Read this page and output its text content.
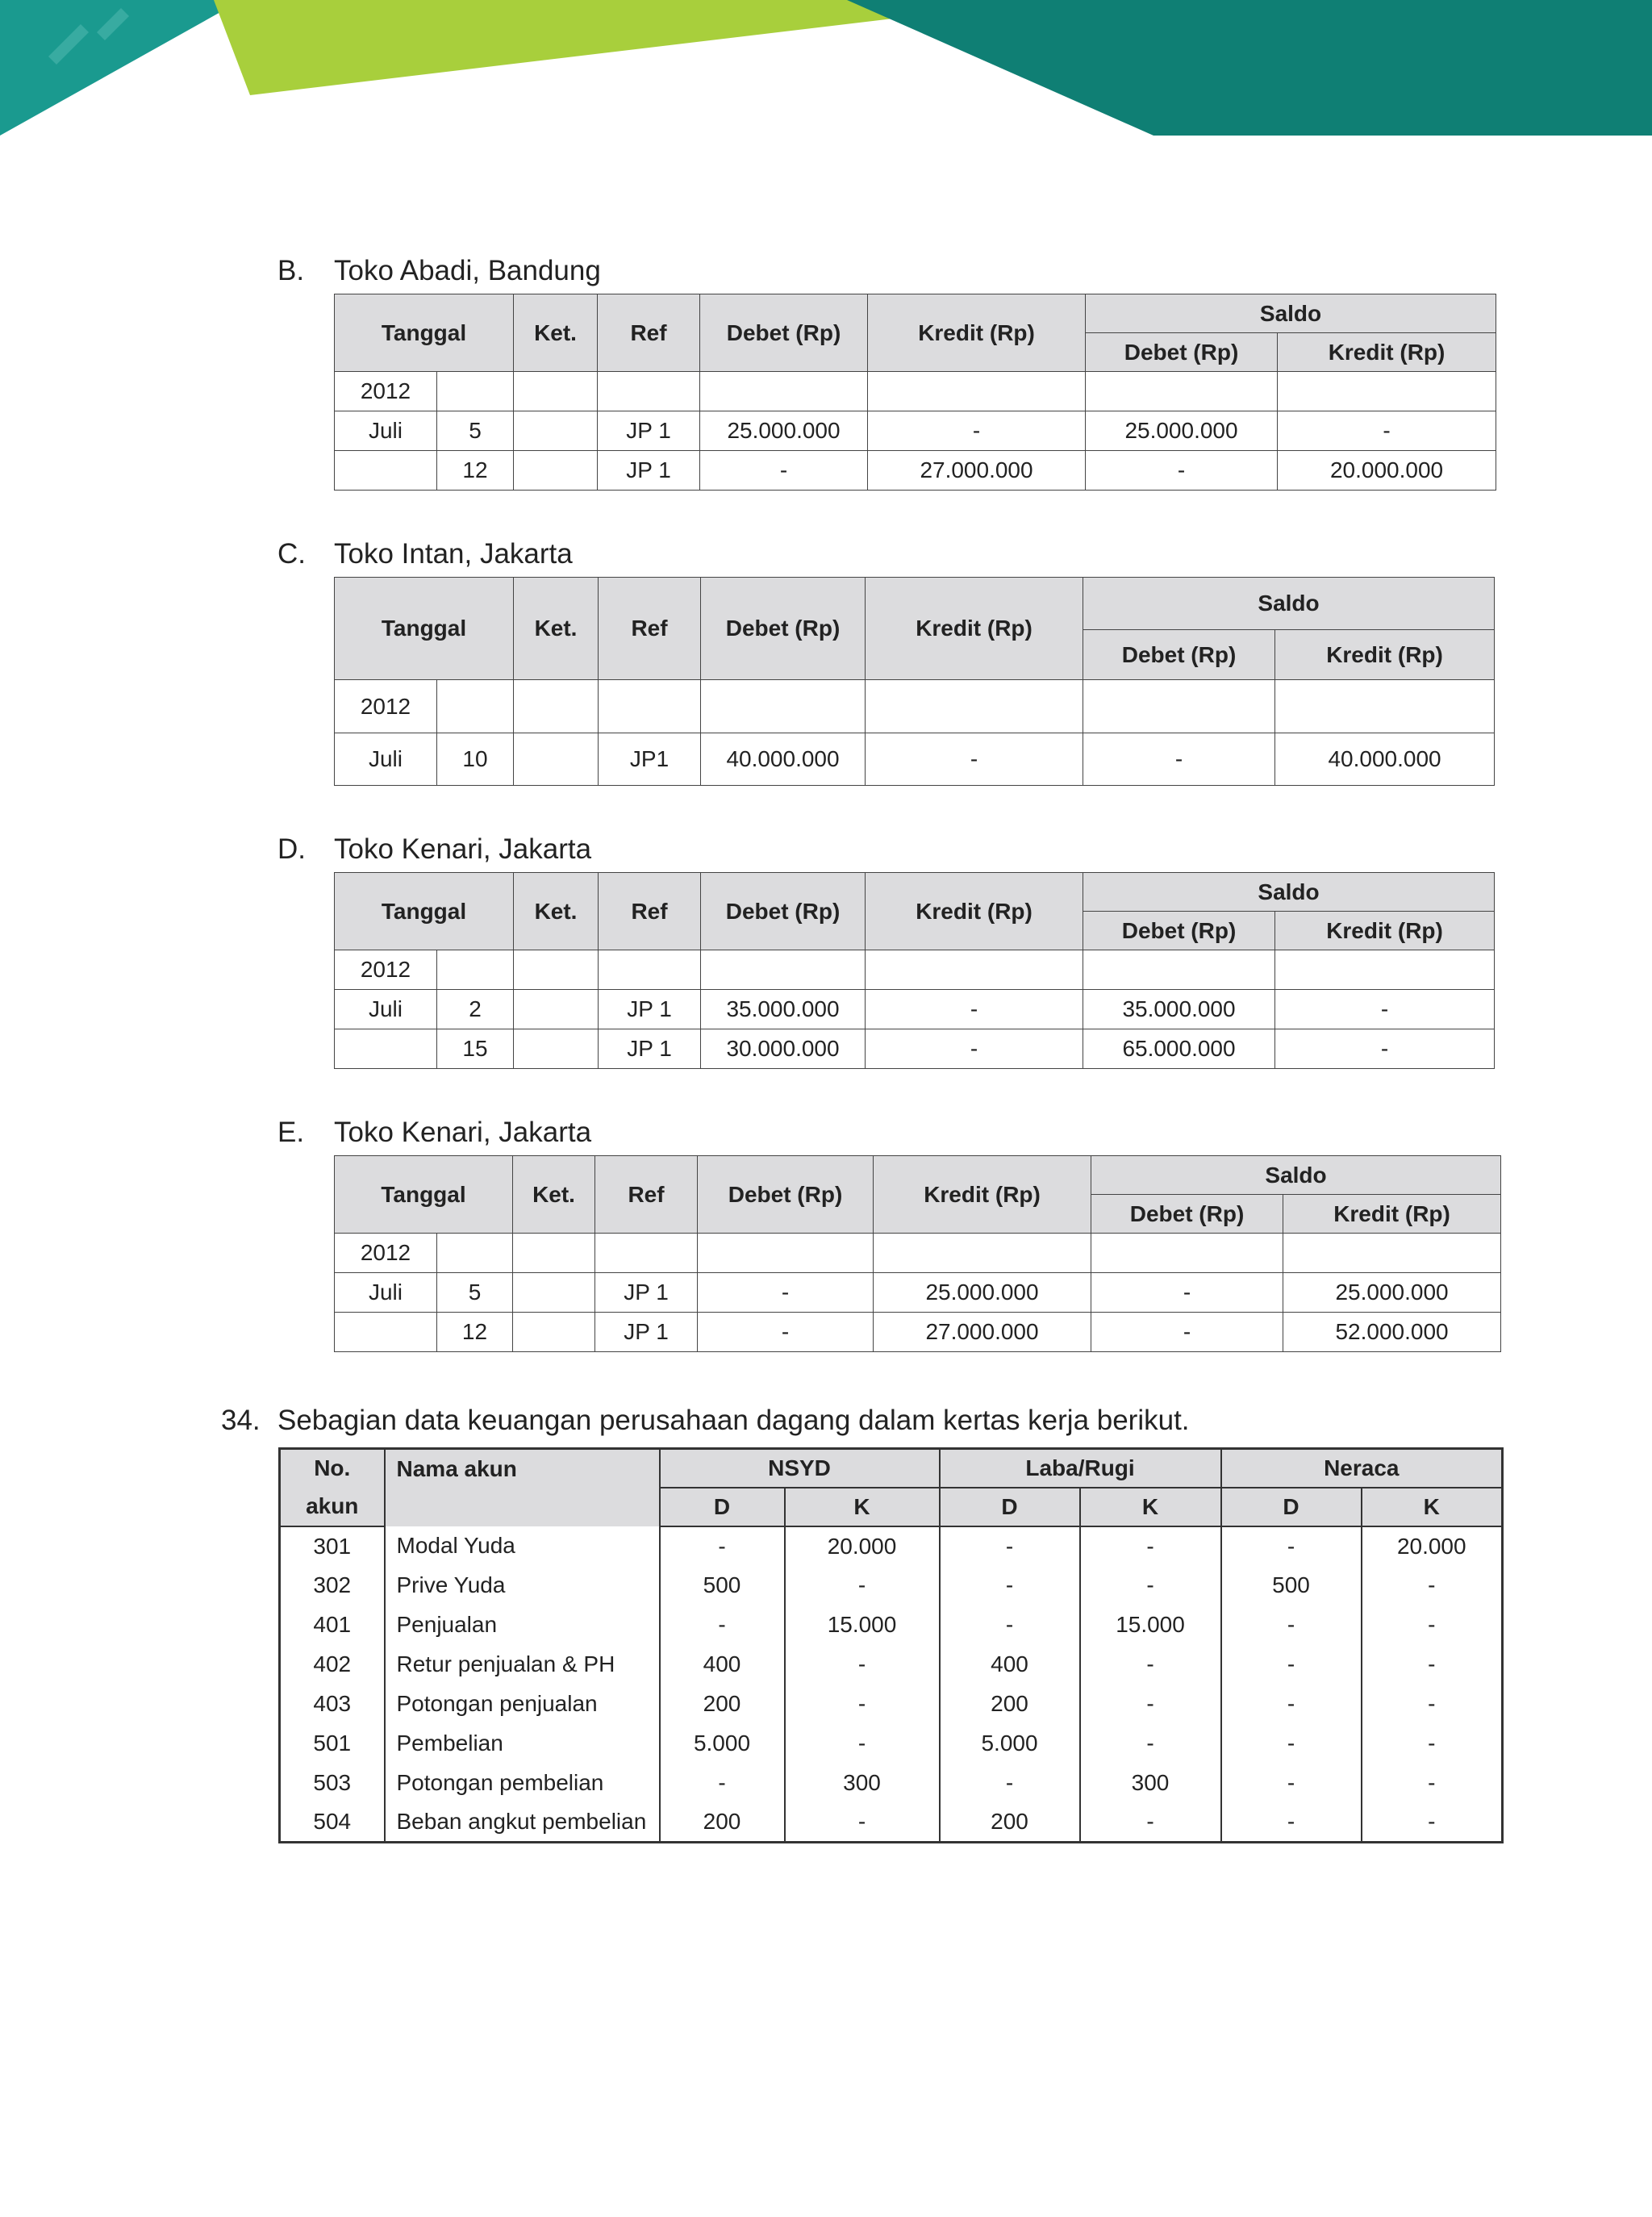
B. Toko Abadi, Bandung
Tanggal		Ket.	Ref	Debet (Rp)	Kredit (Rp)	Saldo	
						Debet (Rp)	Kredit (Rp)
2012							
Juli	5		JP 1	25.000.000	-	25.000.000	-
	12		JP 1	-	27.000.000	-	20.000.000
C. Toko Intan, Jakarta
Tanggal		Ket.	Ref	Debet (Rp)	Kredit (Rp)	Saldo	
						Debet (Rp)	Kredit (Rp)
2012							
Juli	10		JP1	40.000.000	-	-	40.000.000
D. Toko Kenari, Jakarta
Tanggal		Ket.	Ref	Debet (Rp)	Kredit (Rp)	Saldo	
						Debet (Rp)	Kredit (Rp)
2012							
Juli	2		JP 1	35.000.000	-	35.000.000	-
	15		JP 1	30.000.000	-	65.000.000	-
E. Toko Kenari, Jakarta
Tanggal		Ket.	Ref	Debet (Rp)	Kredit (Rp)	Saldo	
						Debet (Rp)	Kredit (Rp)
2012							
Juli	5		JP 1	-	25.000.000	-	25.000.000
	12		JP 1	-	27.000.000	-	52.000.000
34. Sebagian data keuangan perusahaan dagang dalam kertas kerja berikut.
No.	Nama akun	NSYD		Laba/Rugi		Neraca	
akun		D	K	D	K	D	K
301	Modal Yuda	-	20.000	-	-	-	20.000
302	Prive Yuda	500	-	-	-	500	-
401	Penjualan	-	15.000	-	15.000	-	-
402	Retur penjualan & PH	400	-	400	-	-	-
403	Potongan penjualan	200	-	200	-	-	-
501	Pembelian	5.000	-	5.000	-	-	-
503	Potongan pembelian	-	300	-	300	-	-
504	Beban angkut pembelian	200	-	200	-	-	-
